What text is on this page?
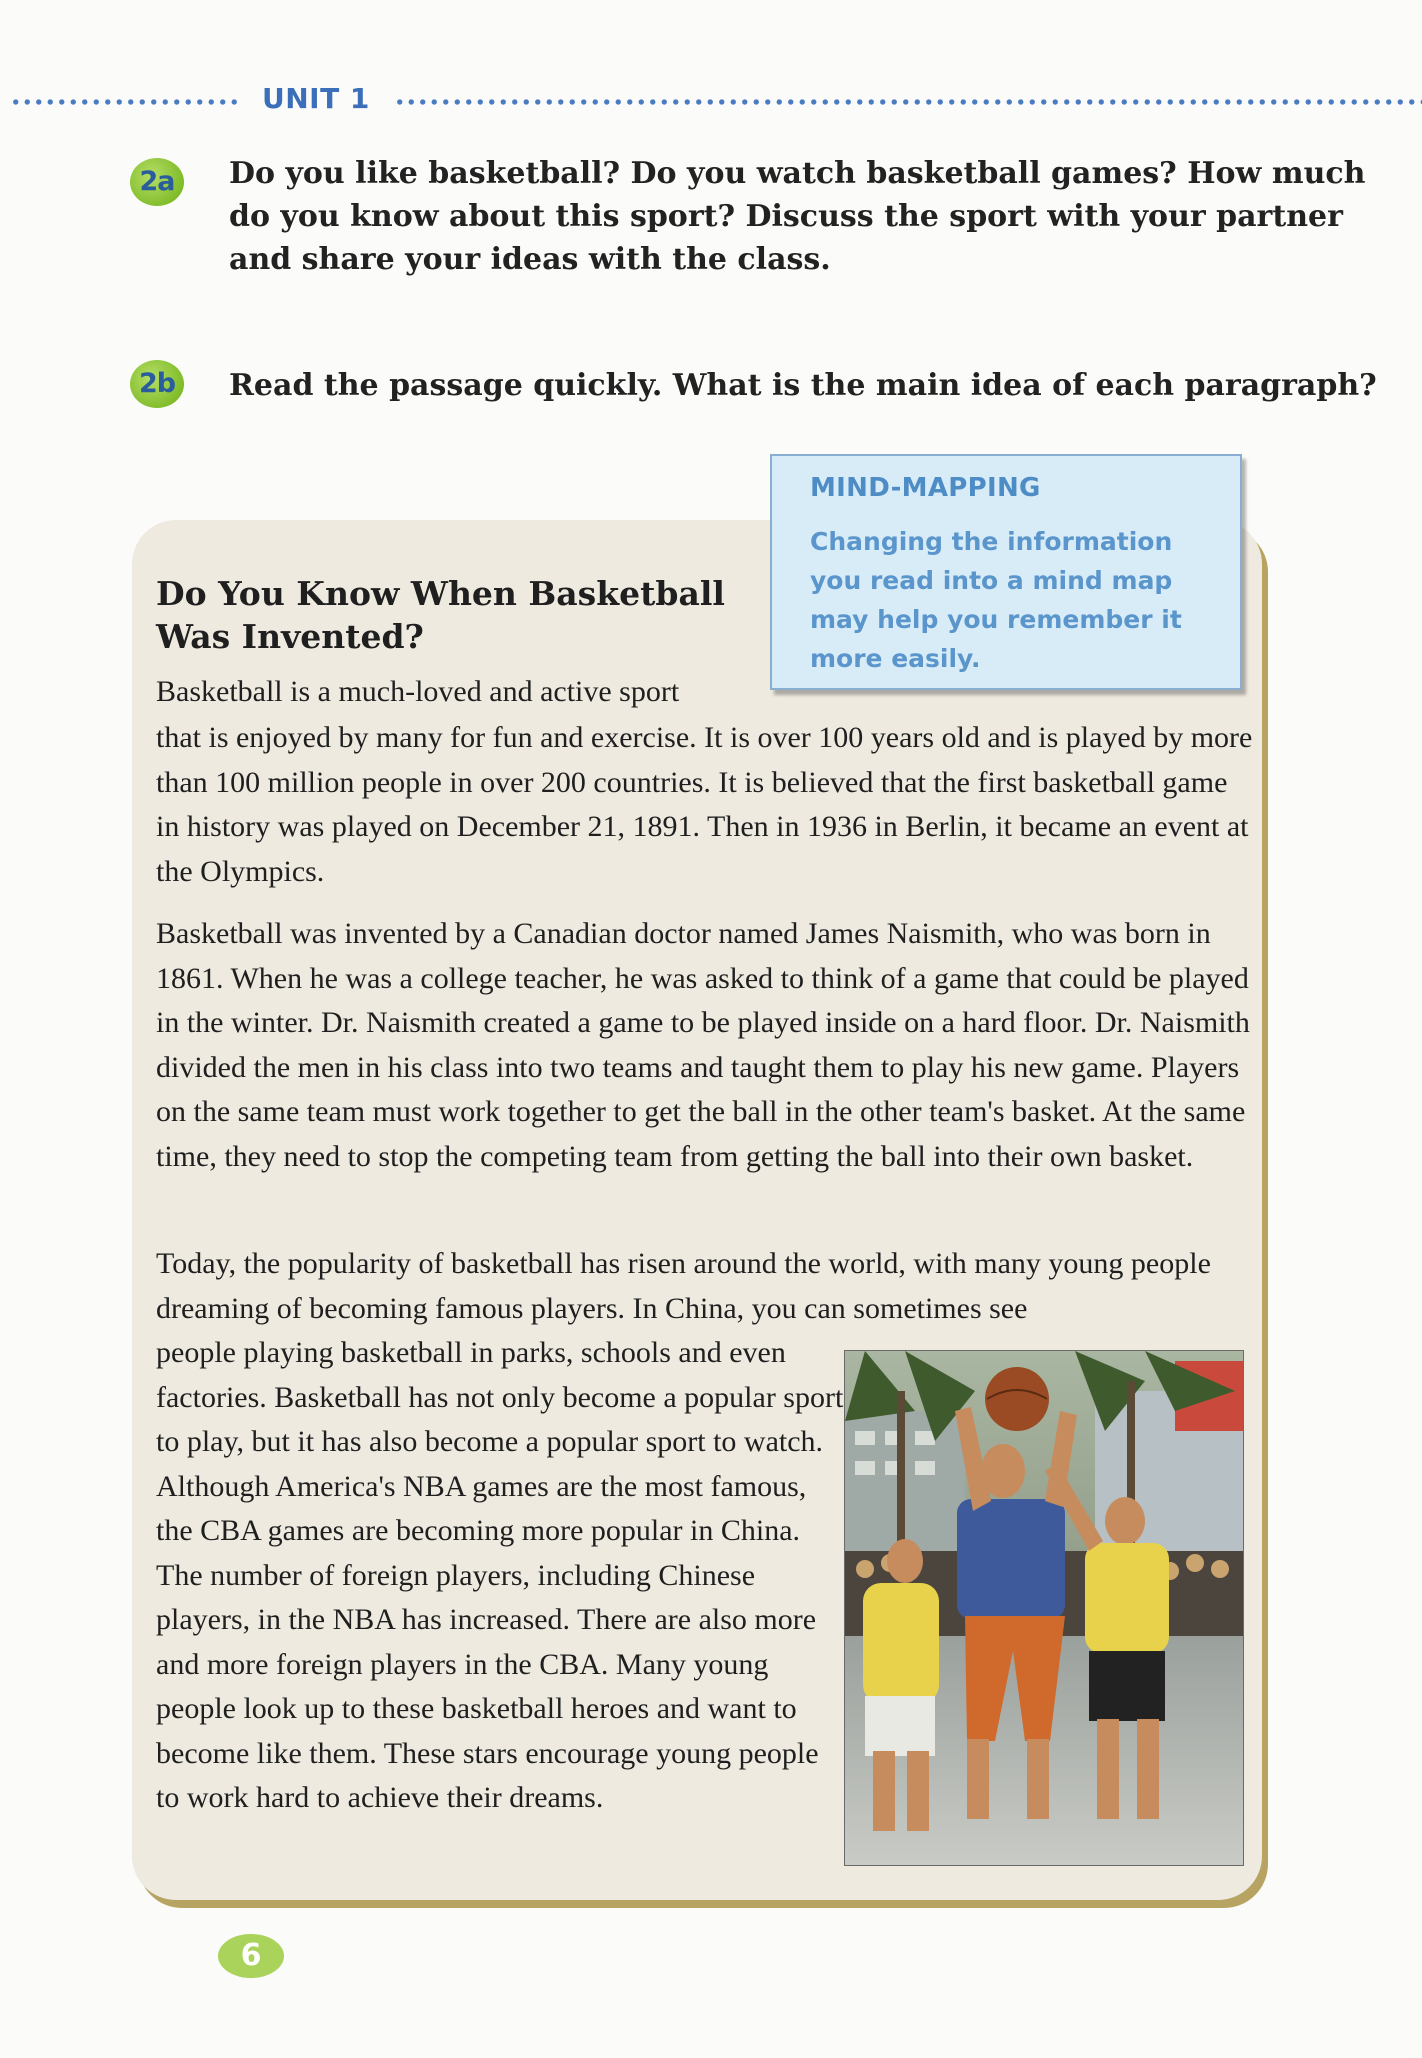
UNIT 1
2a	Do you like basketball? Do you watch basketball games? How much do you know about this sport? Discuss the sport with your partner and share your ideas with the class.
2b Read the passage quickly. What is the main idea of each paragraph?
Do You Know When Basketball Was Invented?
Basketball is a much-loved and active sport

that is enjoyed by many for fun and exercise. It is over 100 years old and is played by more than 100 million people in over 200 countries. It is believed that the first basketball game in history was played on December 21, 1891. Then in 1936 in Berlin, it became an event at the Olympics.

Basketball was invented by a Canadian doctor named James Naismith, who was born in 1861. When he was a college teacher, he was asked to think of a game that could be played in the winter. Dr. Naismith created a game to be played inside on a hard floor. Dr. Naismith divided the men in his class into two teams and taught them to play his new game. Players on the same team must work together to get the ball in the other team's basket. At the same time, they need to stop the competing team from getting the ball into their own basket.

Today, the popularity of basketball has risen around the world, with many young people dreaming of becoming famous players. In China, you can sometimes see

people playing basketball in parks, schools and even factories. Basketball has not only become a popular sport to play, but it has also become a popular sport to watch. Although America's NBA games are the most famous, the CBA games are becoming more popular in China. The number of foreign players, including Chinese players, in the NBA has increased. There are also more and more foreign players in the CBA. Many young people look up to these basketball heroes and want to become like them. These stars encourage young people to work hard to achieve their dreams.

MIND-MAPPING
Changing the information you read into a mind map may help you remember it more easily.
6
